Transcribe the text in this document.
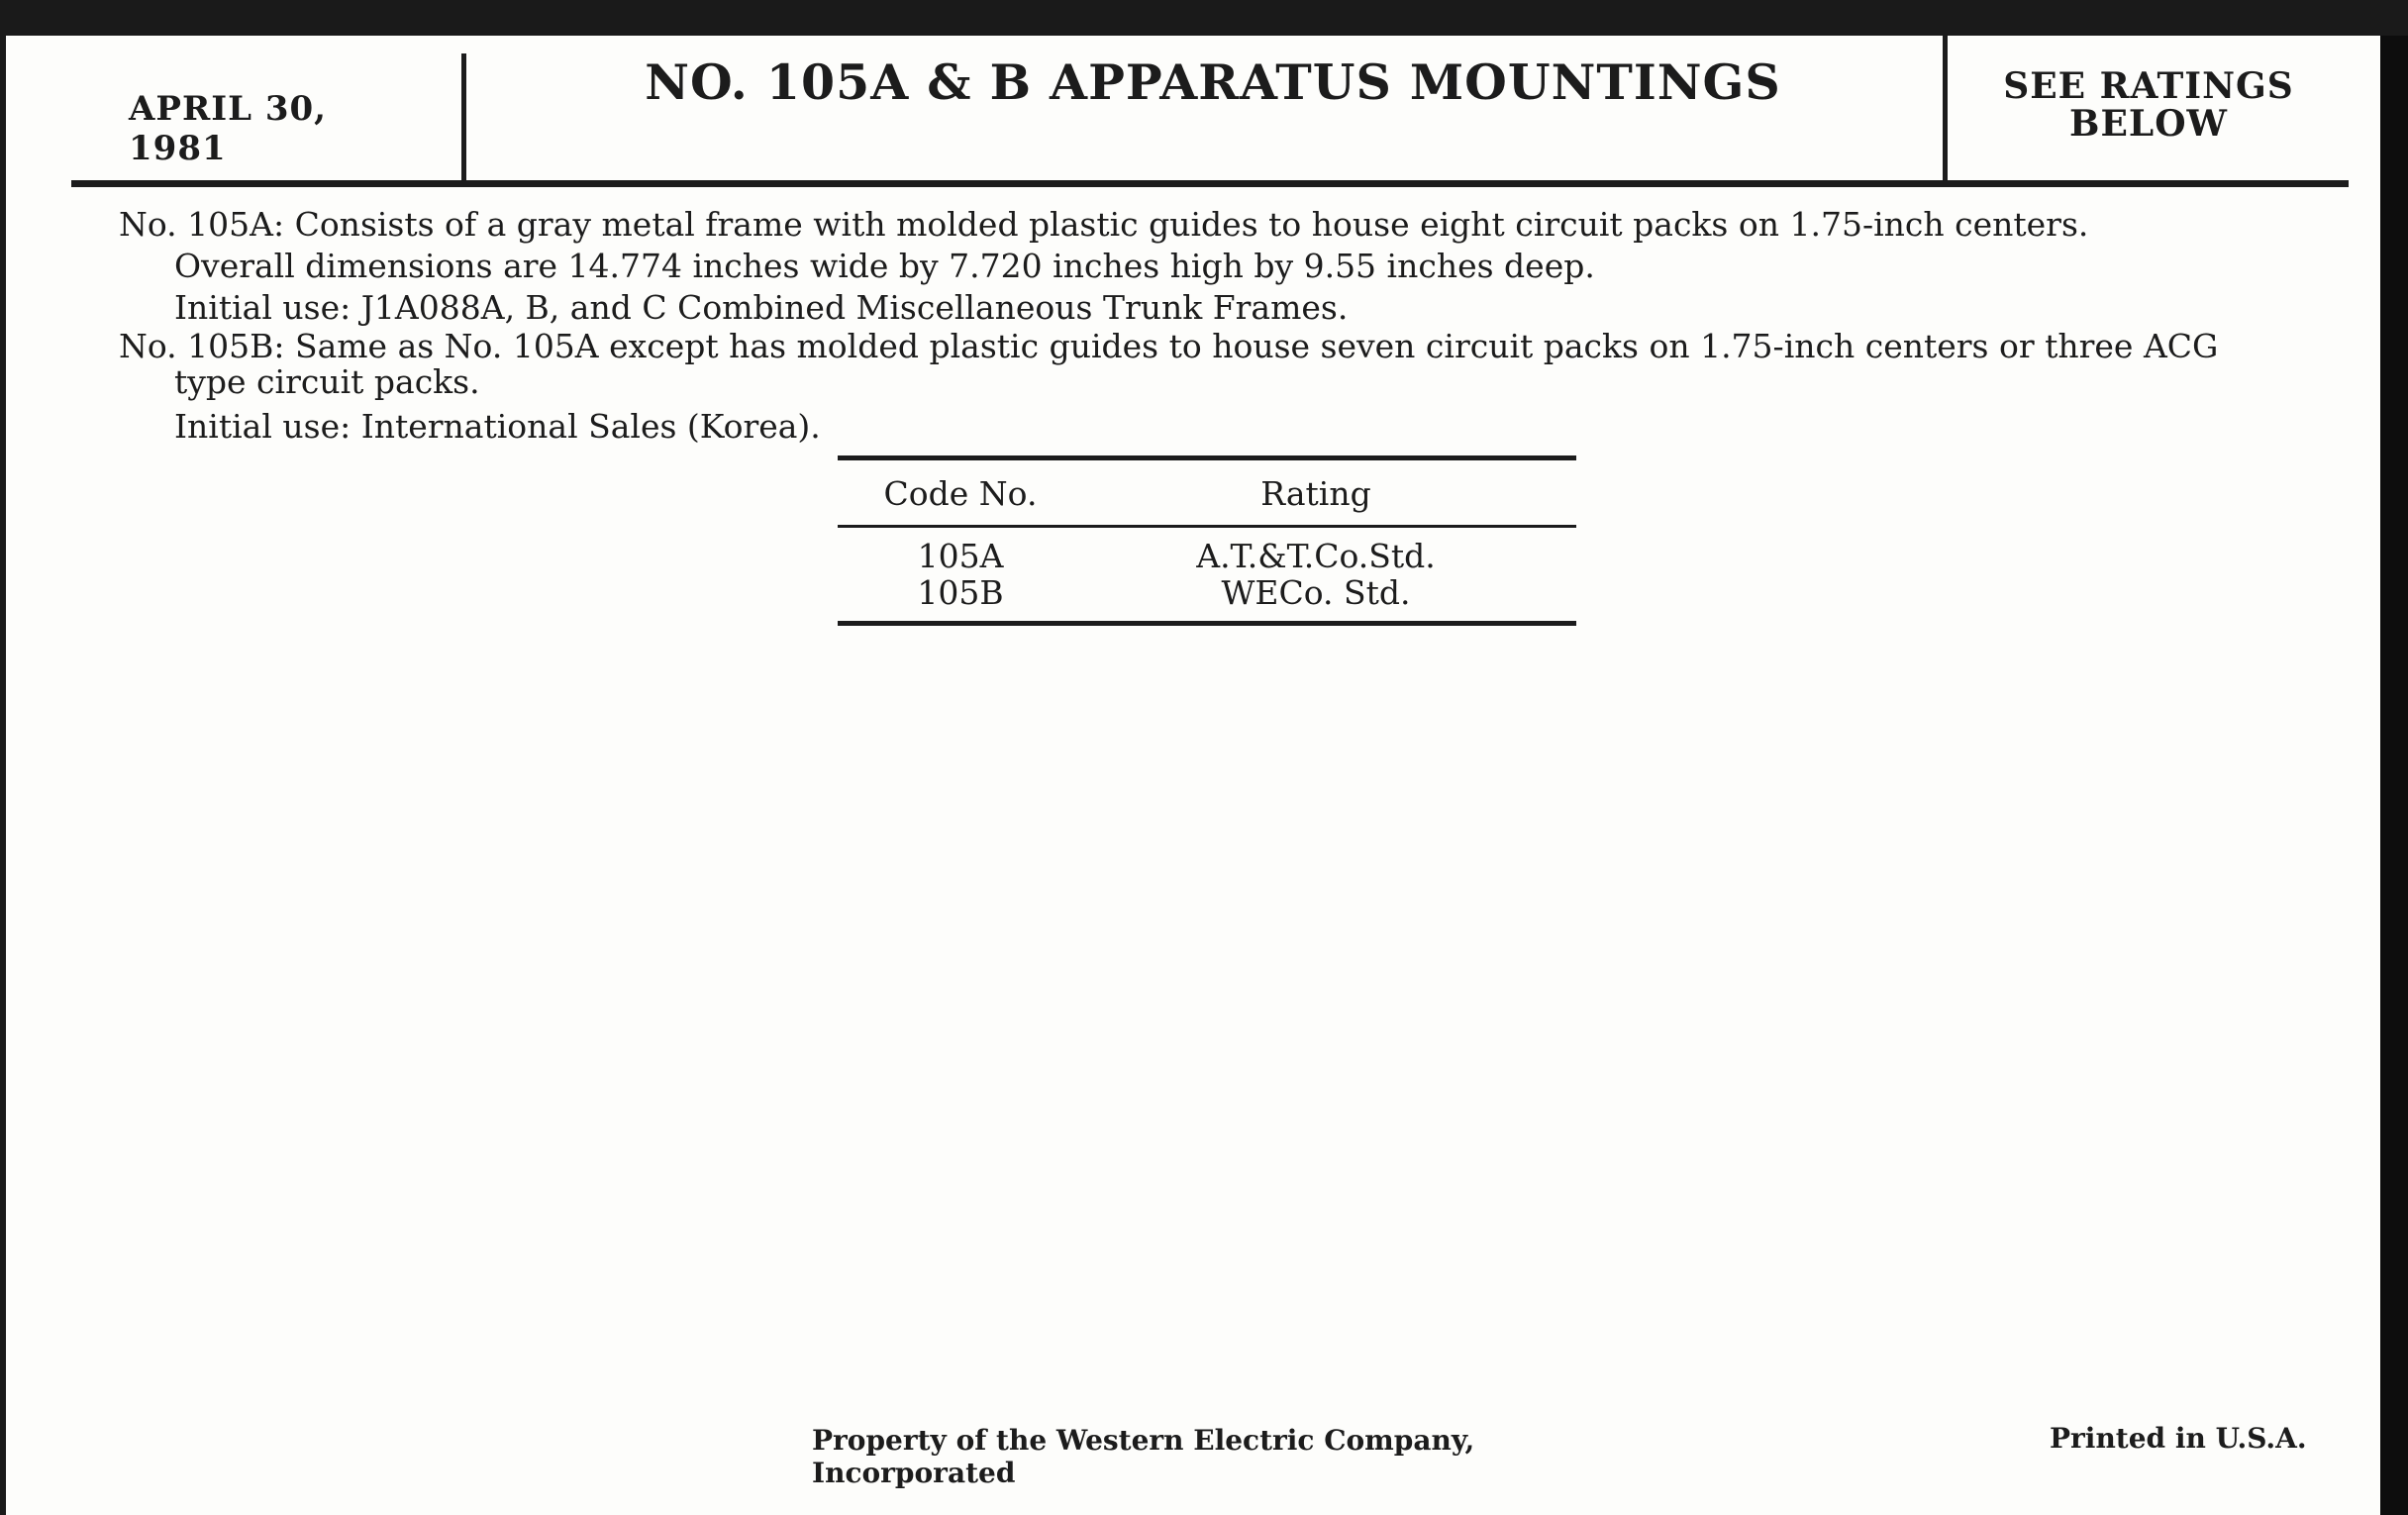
APRIL 30, 1981
NO. 105A & B APPARATUS MOUNTINGS	SEE RATINGS
BELOW
No. 105A: Consists of a gray metal frame with molded plastic guides to house eight circuit packs on 1.75-inch centers.
Overall dimensions are 14.774 inches wide by 7.720 inches high by 9.55 inches deep.
Initial use: J1A088A, B, and C Combined Miscellaneous Trunk Frames.
No. 105B: Same as No. 105A except has molded plastic guides to house seven circuit packs on 1.75-inch centers or three ACG type circuit packs.
Initial use: International Sales (Korea).
Code No.	Rating
105A	A.T.&T.Co.Std.
105B	WECo. Std.
Property of the Western Electric Company, Incorporated
Printed in U.S.A.
